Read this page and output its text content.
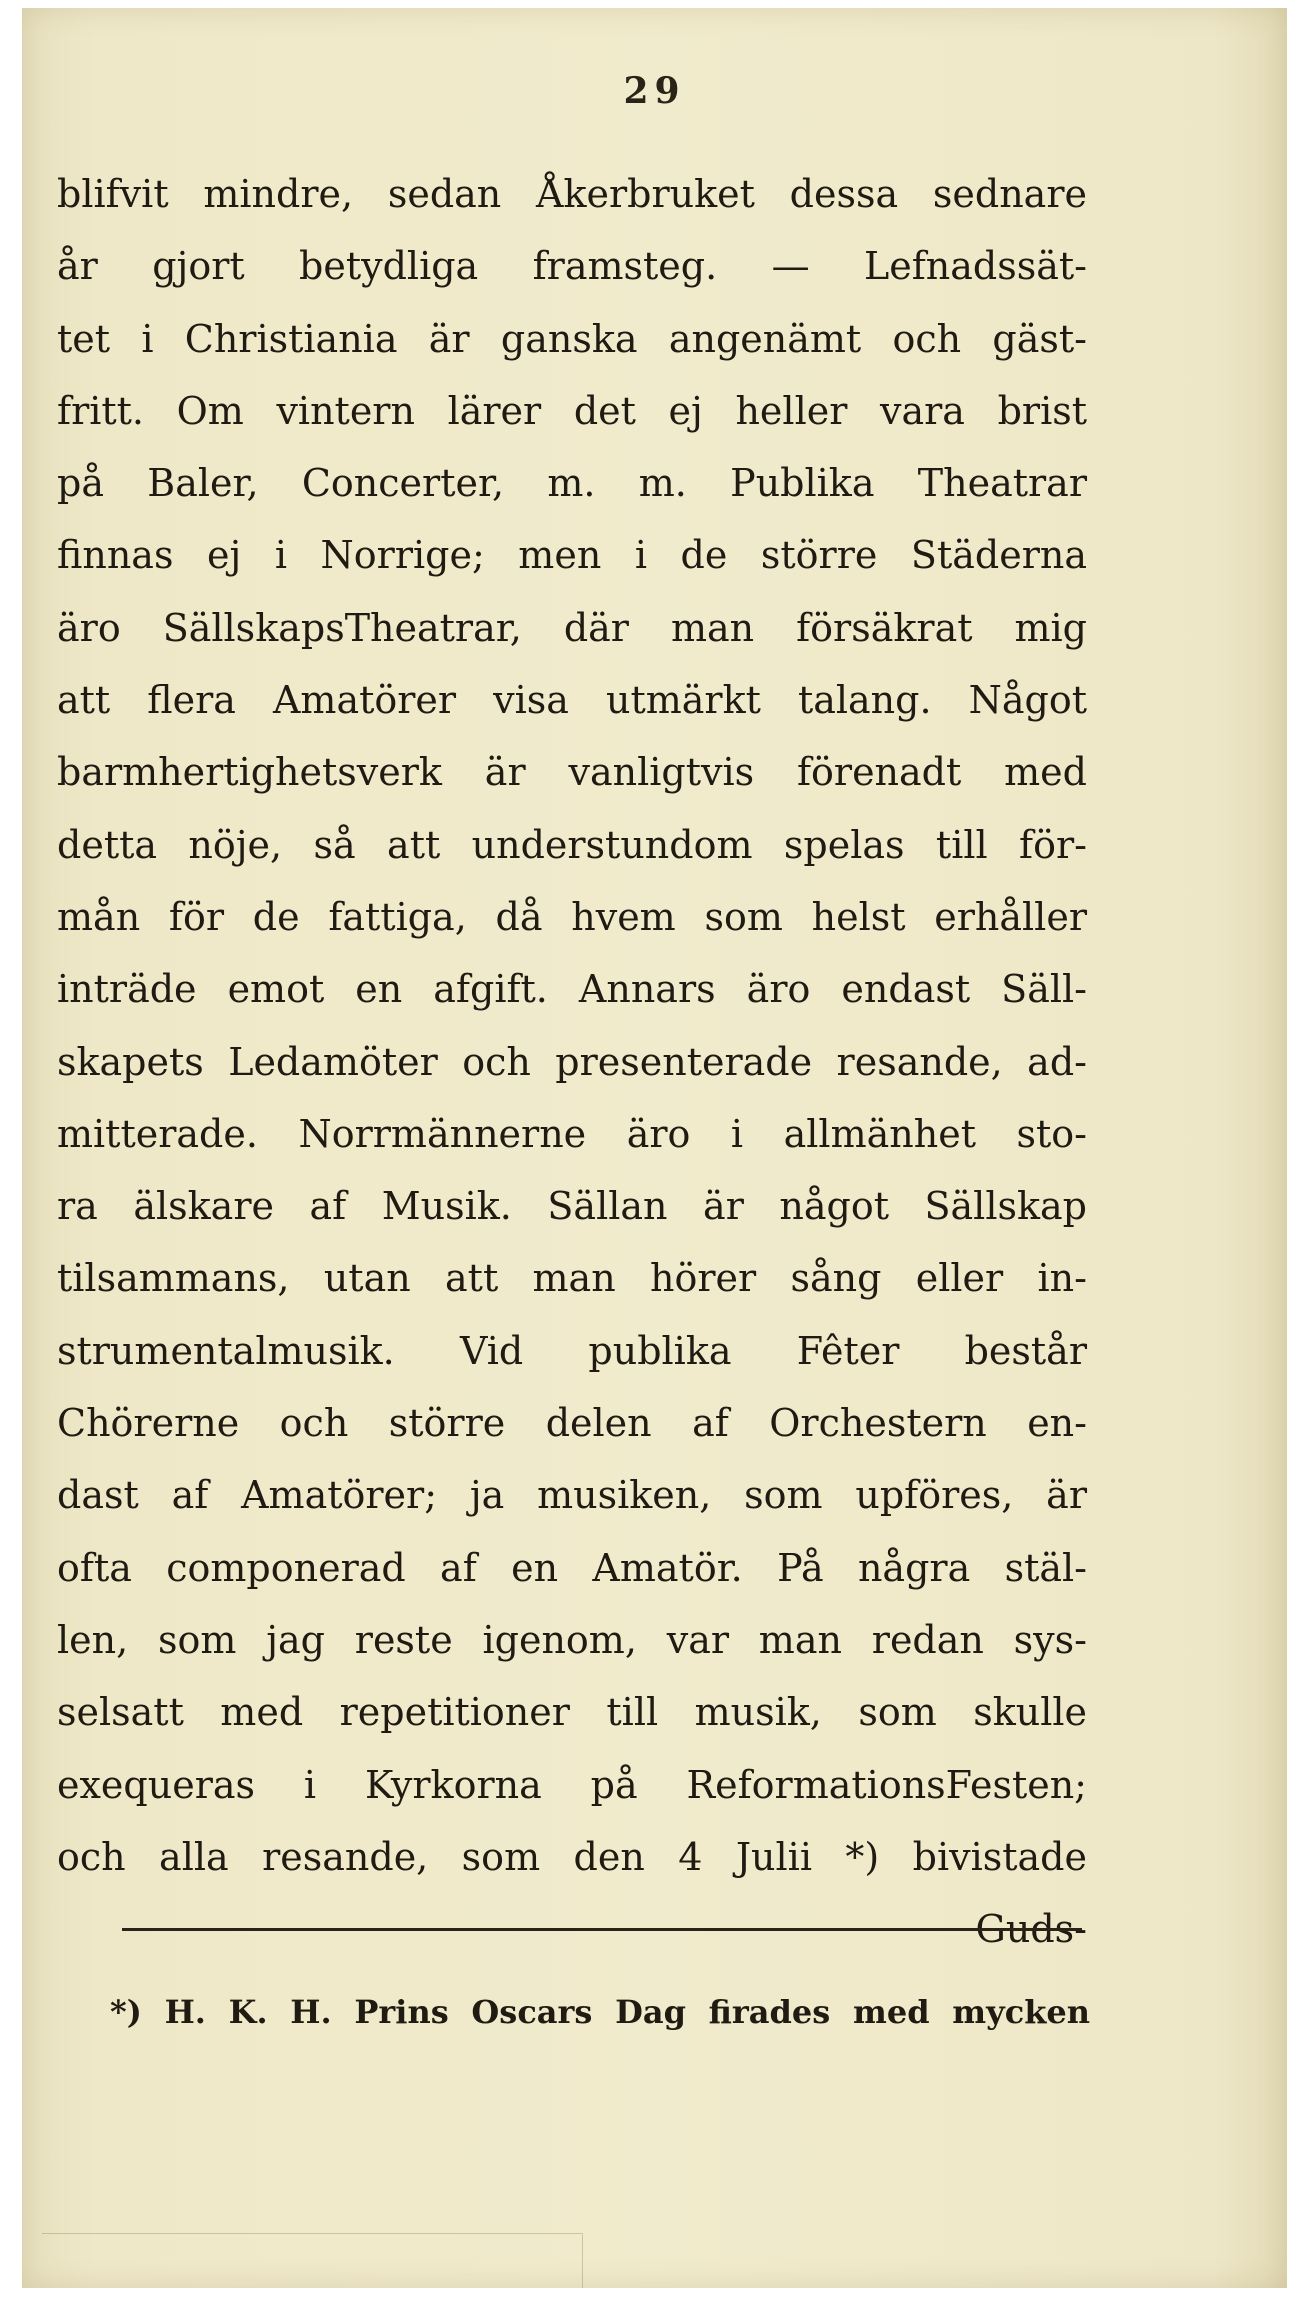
29
blifvit mindre, sedan Åkerbruket dessa sednare
år gjort betydliga framsteg. — Lefnadssät-
tet i Christiania är ganska angenämt och gäst-
fritt. Om vintern lärer det ej heller vara brist
på Baler, Concerter, m. m. Publika Theatrar
finnas ej i Norrige; men i de större Städerna
äro SällskapsTheatrar, där man försäkrat mig
att flera Amatörer visa utmärkt talang. Något
barmhertighetsverk är vanligtvis förenadt med
detta nöje, så att understundom spelas till för-
mån för de fattiga, då hvem som helst erhåller
inträde emot en afgift. Annars äro endast Säll-
skapets Ledamöter och presenterade resande, ad-
mitterade. Norrmännerne äro i allmänhet sto-
ra älskare af Musik. Sällan är något Sällskap
tilsammans, utan att man hörer sång eller in-
strumentalmusik. Vid publika Fêter består
Chörerne och större delen af Orchestern en-
dast af Amatörer; ja musiken, som upföres, är
ofta componerad af en Amatör. På några stäl-
len, som jag reste igenom, var man redan sys-
selsatt med repetitioner till musik, som skulle
exequeras i Kyrkorna på ReformationsFesten;
och alla resande, som den 4 Julii *) bivistade
Guds-
*) H. K. H. Prins Oscars Dag firades med mycken
